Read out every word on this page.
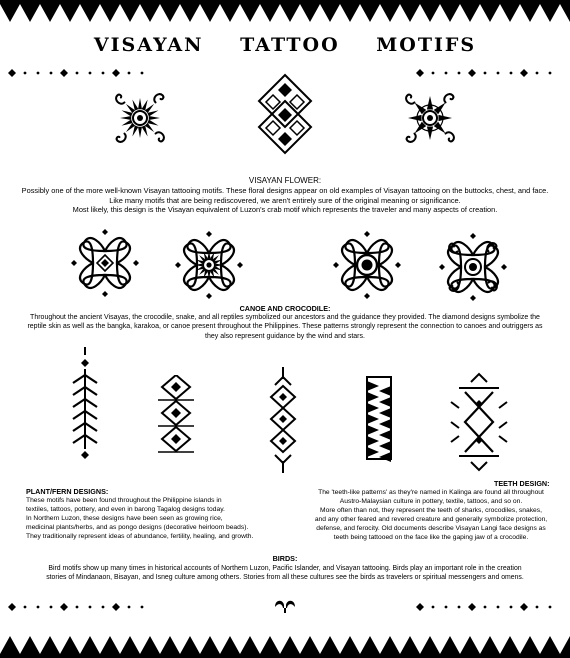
VISAYAN TATTOO MOTIFS
VISAYAN FLOWER:
Possibly one of the more well-known Visayan tattooing motifs. These floral designs appear on old examples of Visayan tattooing on the buttocks, chest, and face.
Like many motifs that are being rediscovered, we aren't entirely sure of the original meaning or significance.
Most likely, this design is the Visayan equivalent of Luzon's crab motif which represents the traveler and many aspects of creation.
CANOE AND CROCODILE:
Throughout the ancient Visayas, the crocodile, snake, and all reptiles symbolized our ancestors and the guidance they provided. The diamond designs symbolize the
reptile skin as well as the bangka, karakoa, or canoe present throughout the Philippines. These patterns strongly represent the connection to canoes and outriggers as
they also represent guidance by the wind and stars.
PLANT/FERN DESIGNS:
These motifs have been found throughout the Philippine islands in
textiles, tattoos, pottery, and even in barong Tagalog designs today.
In Northern Luzon, these designs have been seen as growing rice,
medicinal plants/herbs, and as pongo designs (decorative heirloom beads).
They traditionally represent ideas of abundance, fertility, healing, and growth.
TEETH DESIGN:
The 'teeth-like patterns' as they're named in Kalinga are found all throughout
Austro-Malaysian culture in pottery, textile, tattoos, and so on.
More often than not, they represent the teeth of sharks, crocodiles, snakes,
and any other feared and revered creature and generally symbolize protection,
defense, and ferocity. Old documents describe Visayan Langi face designs as
teeth being tattooed on the face like the gaping jaw of a crocodile.
BIRDS:
Bird motifs show up many times in historical accounts of Northern Luzon, Pacific Islander, and Visayan tattooing. Birds play an important role in the creation
stories of Mindanaon, Bisayan, and Isneg culture among others. Stories from all these cultures see the birds as travelers or spiritual messengers and omens.
